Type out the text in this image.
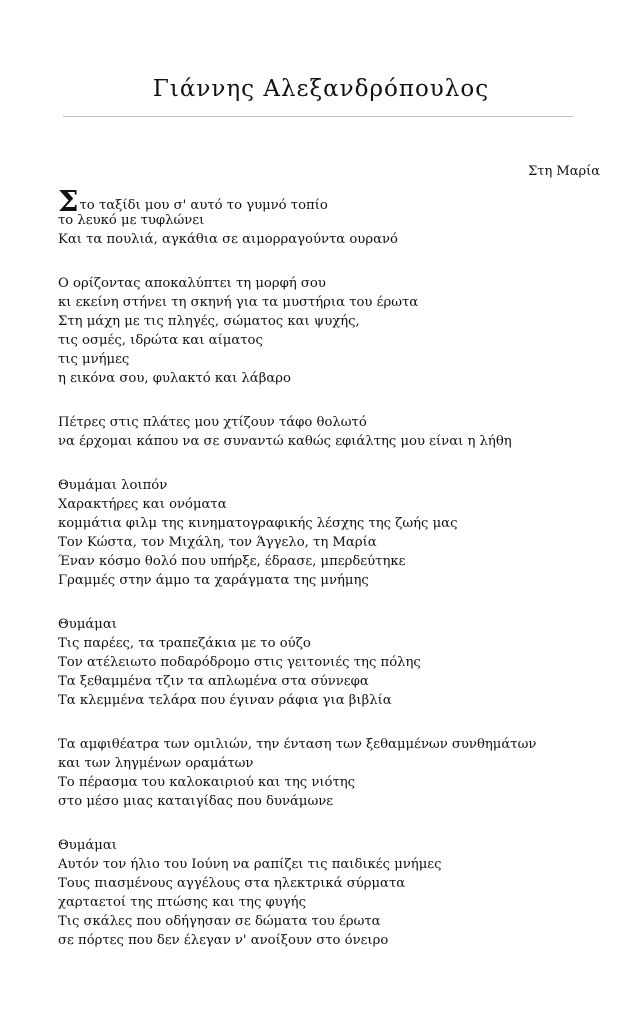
Γιάννης Αλεξανδρόπουλος
Στη Μαρία
Στο ταξίδι μου σ' αυτό το γυμνό τοπίο
το λευκό με τυφλώνει
Και τα πουλιά, αγκάθια σε αιμορραγούντα ουρανό
Ο ορίζοντας αποκαλύπτει τη μορφή σου
κι εκείνη στήνει τη σκηνή για τα μυστήρια του έρωτα
Στη μάχη με τις πληγές, σώματος και ψυχής,
τις οσμές, ιδρώτα και αίματος
τις μνήμες
η εικόνα σου, φυλακτό και λάβαρο
Πέτρες στις πλάτες μου χτίζουν τάφο θολωτό
να έρχομαι κάπου να σε συναντώ καθώς εφιάλτης μου είναι η λήθη
Θυμάμαι λοιπόν
Χαρακτήρες και ονόματα
κομμάτια φιλμ της κινηματογραφικής λέσχης της ζωής μας
Τον Κώστα, τον Μιχάλη, τον Άγγελο, τη Μαρία
Έναν κόσμο θολό που υπήρξε, έδρασε, μπερδεύτηκε
Γραμμές στην άμμο τα χαράγματα της μνήμης
Θυμάμαι
Τις παρέες, τα τραπεζάκια με το ούζο
Τον ατέλειωτο ποδαρόδρομο στις γειτονιές της πόλης
Τα ξεθαμμένα τζιν τα απλωμένα στα σύννεφα
Τα κλεμμένα τελάρα που έγιναν ράφια για βιβλία
Τα αμφιθέατρα των ομιλιών, την ένταση των ξεθαμμένων συνθημάτων
και των ληγμένων οραμάτων
Το πέρασμα του καλοκαιριού και της νιότης
στο μέσο μιας καταιγίδας που δυνάμωνε
Θυμάμαι
Αυτόν τον ήλιο του Ιούνη να ραπίζει τις παιδικές μνήμες
Τους πιασμένους αγγέλους στα ηλεκτρικά σύρματα
χαρταετοί της πτώσης και της φυγής
Τις σκάλες που οδήγησαν σε δώματα του έρωτα
σε πόρτες που δεν έλεγαν ν' ανοίξουν στο όνειρο
